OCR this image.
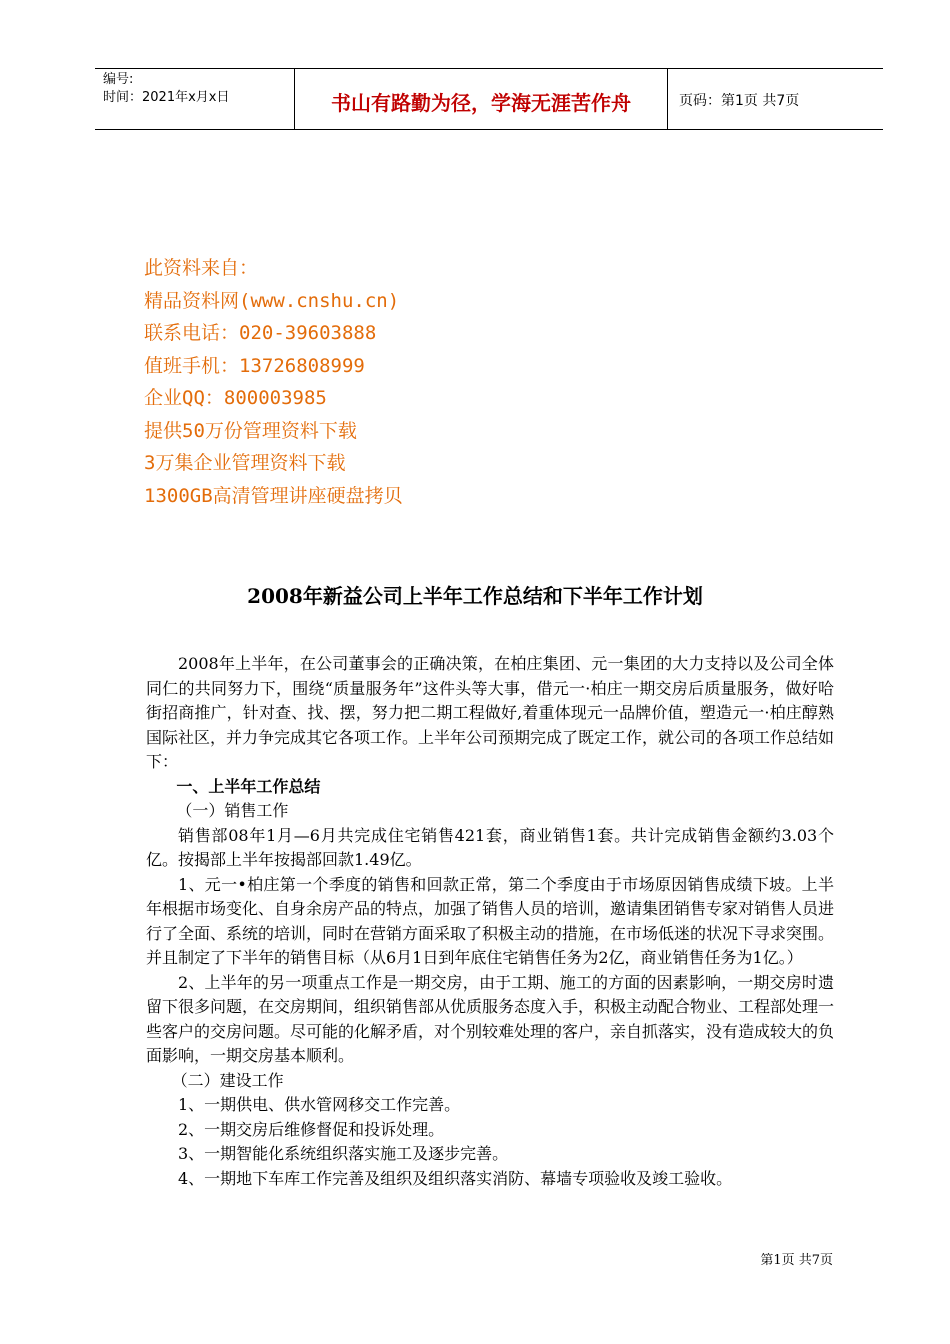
编号:
时间：2021年x月x日	书山有路勤为径，学海无涯苦作舟	页码：第1页 共7页
此资料来自：
精品资料网(www.cnshu.cn)
联系电话：020-39603888
值班手机：13726808999
企业QQ：800003985
提供50万份管理资料下载
3万集企业管理资料下载
1300GB高清管理讲座硬盘拷贝
2008年新益公司上半年工作总结和下半年工作计划

2008年上半年，在公司董事会的正确决策，在柏庄集团、元一集团的大力支持以及公司全体同仁的共同努力下，围绕“质量服务年”这件头等大事，借元一·柏庄一期交房后质量服务，做好哈街招商推广，针对查、找、摆，努力把二期工程做好,着重体现元一品牌价值，塑造元一·柏庄醇熟国际社区，并力争完成其它各项工作。上半年公司预期完成了既定工作，就公司的各项工作总结如下：

一、上半年工作总结

（一）销售工作

销售部08年1月—6月共完成住宅销售421套，商业销售1套。共计完成销售金额约3.03个亿。按揭部上半年按揭部回款1.49亿。

1、元一•柏庄第一个季度的销售和回款正常，第二个季度由于市场原因销售成绩下坡。上半年根据市场变化、自身余房产品的特点，加强了销售人员的培训，邀请集团销售专家对销售人员进行了全面、系统的培训，同时在营销方面采取了积极主动的措施，在市场低迷的状况下寻求突围。并且制定了下半年的销售目标（从6月1日到年底住宅销售任务为2亿，商业销售任务为1亿。）

2、上半年的另一项重点工作是一期交房，由于工期、施工的方面的因素影响，一期交房时遗留下很多问题，在交房期间，组织销售部从优质服务态度入手，积极主动配合物业、工程部处理一些客户的交房问题。尽可能的化解矛盾，对个别较难处理的客户，亲自抓落实，没有造成较大的负面影响，一期交房基本顺利。

（二）建设工作

1、一期供电、供水管网移交工作完善。

2、一期交房后维修督促和投诉处理。

3、一期智能化系统组织落实施工及逐步完善。

4、一期地下车库工作完善及组织及组织落实消防、幕墙专项验收及竣工验收。

第1页 共7页
